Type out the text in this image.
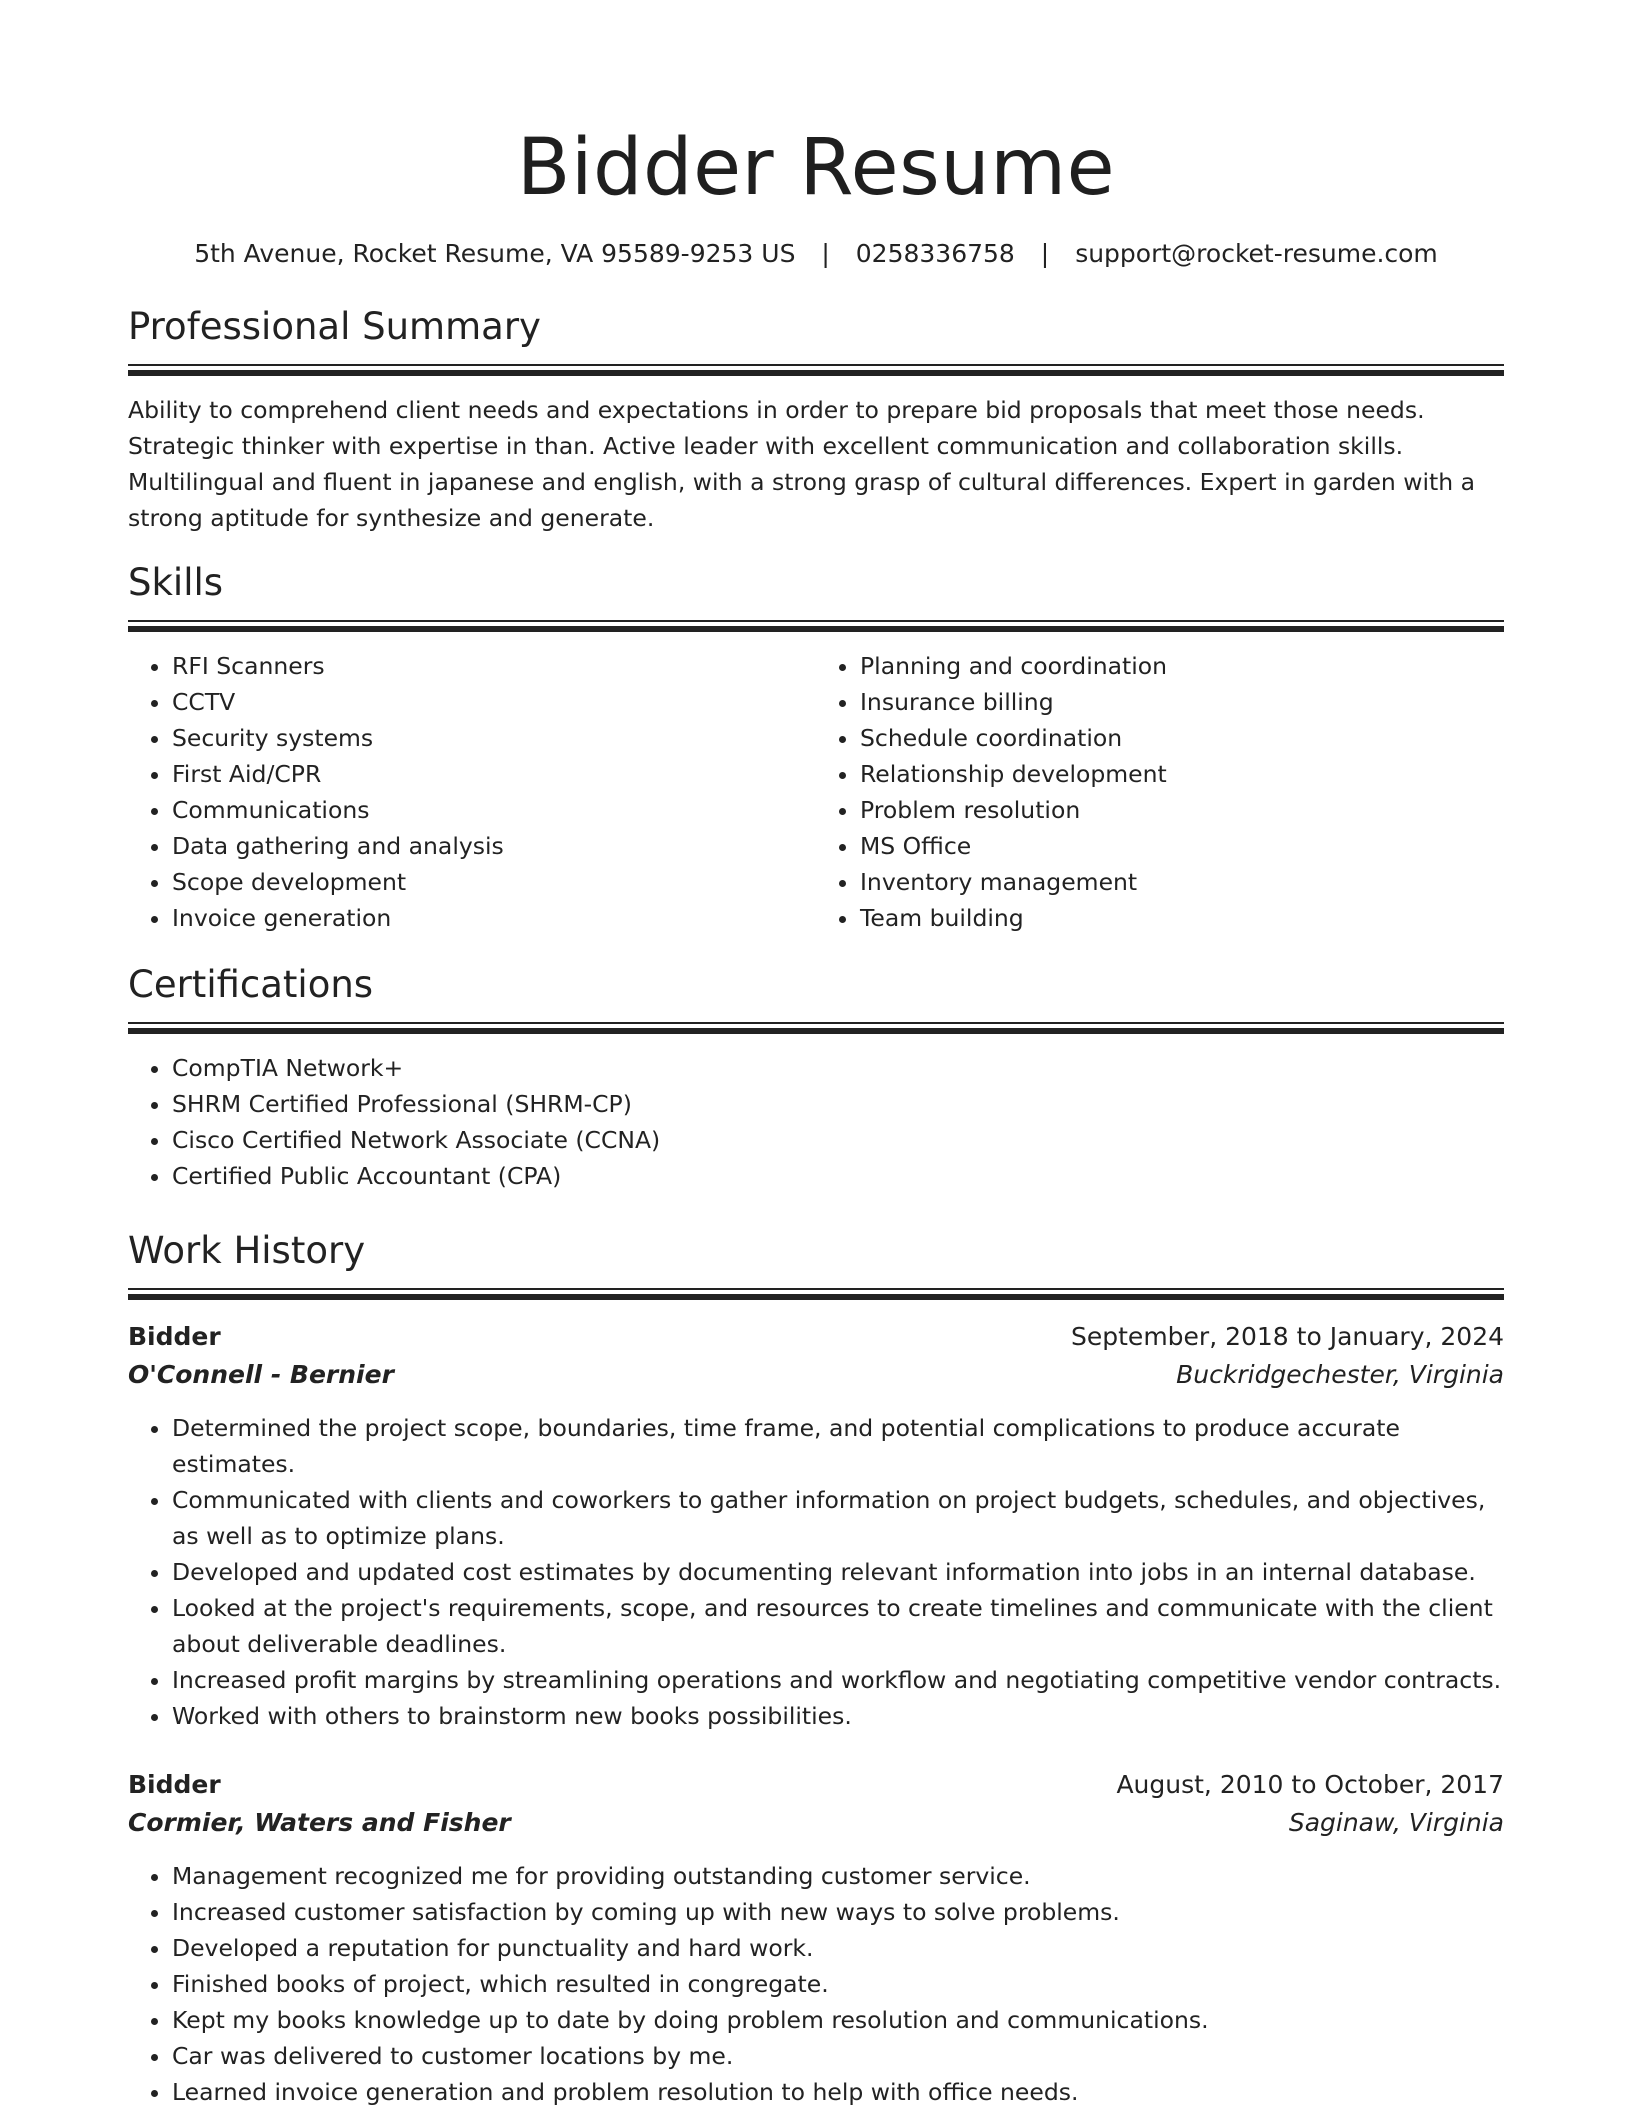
Bidder Resume
5th Avenue, Rocket Resume, VA 95589-9253 US | 0258336758 | support@rocket-resume.com
Professional Summary

Ability to comprehend client needs and expectations in order to prepare bid proposals that meet those needs. Strategic thinker with expertise in than. Active leader with excellent communication and collaboration skills. Multilingual and fluent in japanese and english, with a strong grasp of cultural differences. Expert in garden with a strong aptitude for synthesize and generate.

Skills
• RFI Scanners
• CCTV
• Security systems
• First Aid/CPR
• Communications
• Data gathering and analysis
• Scope development
• Invoice generation
• Planning and coordination
• Insurance billing
• Schedule coordination
• Relationship development
• Problem resolution
• MS Office
• Inventory management
• Team building
Certifications
• CompTIA Network+
• SHRM Certified Professional (SHRM-CP)
• Cisco Certified Network Associate (CCNA)
• Certified Public Accountant (CPA)
Work History
Bidder	September, 2018 to January, 2024
O'Connell - Bernier	Buckridgechester, Virginia
• Determined the project scope, boundaries, time frame, and potential complications to produce accurate estimates.
• Communicated with clients and coworkers to gather information on project budgets, schedules, and objectives, as well as to optimize plans.
• Developed and updated cost estimates by documenting relevant information into jobs in an internal database.
• Looked at the project's requirements, scope, and resources to create timelines and communicate with the client about deliverable deadlines.
• Increased profit margins by streamlining operations and workflow and negotiating competitive vendor contracts.
• Worked with others to brainstorm new books possibilities.
Bidder	August, 2010 to October, 2017
Cormier, Waters and Fisher	Saginaw, Virginia
• Management recognized me for providing outstanding customer service.
• Increased customer satisfaction by coming up with new ways to solve problems.
• Developed a reputation for punctuality and hard work.
• Finished books of project, which resulted in congregate.
• Kept my books knowledge up to date by doing problem resolution and communications.
• Car was delivered to customer locations by me.
• Learned invoice generation and problem resolution to help with office needs.
